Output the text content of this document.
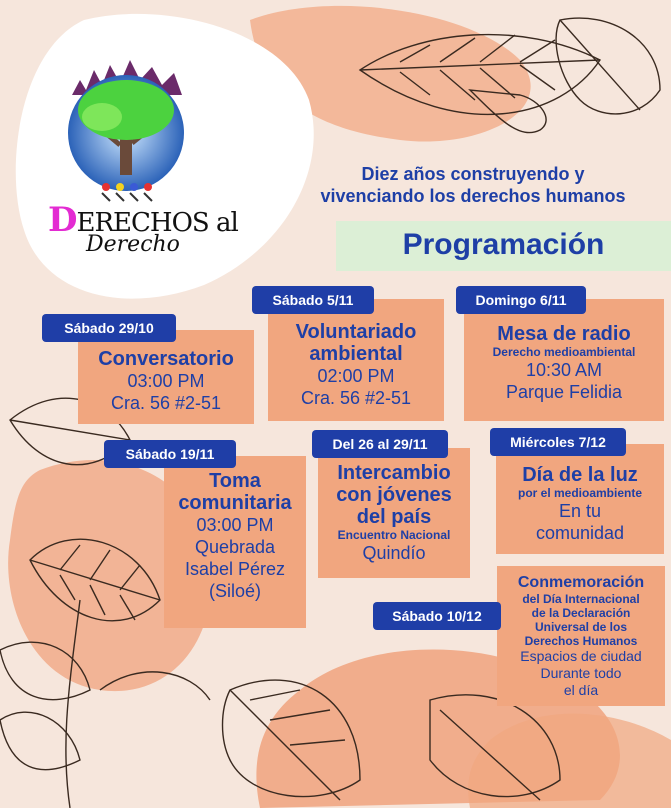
DERECHOS al
Derecho
Diez años construyendo y
vivenciando los derechos humanos
Programación
Conversatorio
03:00 PM
Cra. 56 #2-51
Sábado 29/10	Voluntariado
ambiental
02:00 PM
Cra. 56 #2-51
Sábado 5/11
Mesa de radio
Derecho medioambiental
10:30 AM
Parque Felidia
Domingo 6/11
Toma
comunitaria
03:00 PM
Quebrada
Isabel Pérez
(Siloé)
Sábado 19/11
Intercambio
con jóvenes
del país
Encuentro Nacional
Quindío
Del 26 al 29/11
Día de la luz
por el medioambiente
En tu
comunidad
Miércoles 7/12
Conmemoración
del Día Internacional
de la Declaración
Universal de los
Derechos Humanos
Espacios de ciudad
Durante todo
el día
Sábado 10/12
